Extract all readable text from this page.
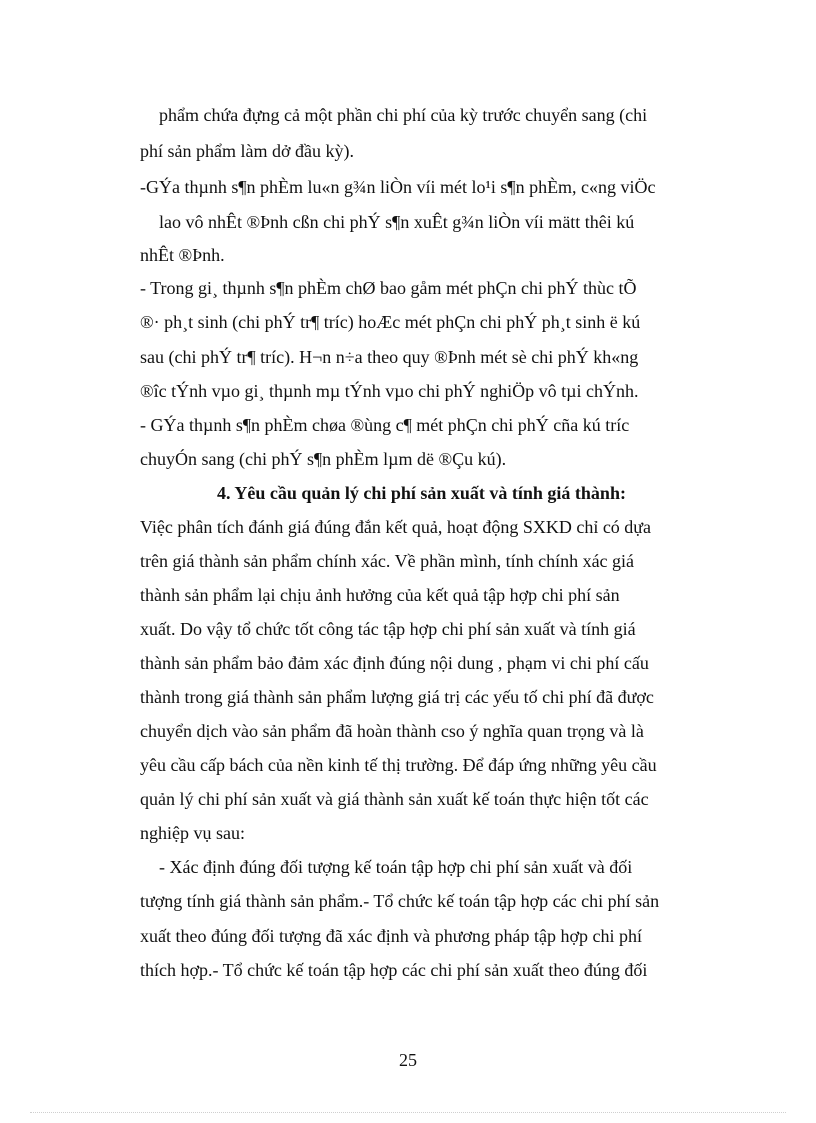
phẩm chứa đựng cả một phần chi phí của kỳ trước chuyển sang (chi
phí sản phẩm làm dở đầu kỳ).
-GÝa thµnh s¶n phÈm lu«n g¾n liÒn víi mét lo¹i s¶n phÈm, c«ng viÖc
lao vô nhÊt ®Þnh cßn chi phÝ s¶n xuÊt g¾n liÒn víi mätt thêi kú
nhÊt ®Þnh.
- Trong gi¸ thµnh s¶n phÈm chØ bao gåm mét phÇn chi phÝ thùc tÕ
®· ph¸t sinh (chi phÝ tr¶ tríc) hoÆc mét phÇn chi phÝ ph¸t sinh ë kú
sau (chi phÝ tr¶ tríc). H¬n n÷a theo quy ®Þnh mét sè chi phÝ kh«ng
®îc tÝnh vµo gi¸ thµnh mµ tÝnh vµo chi phÝ nghiÖp vô tµi chÝnh.
- GÝa thµnh s¶n phÈm chøa ®ùng c¶ mét phÇn chi phÝ cña kú tríc
chuyÓn sang (chi phÝ s¶n phÈm lµm dë ®Çu kú).
4. Yêu cầu quản lý chi phí sản xuất và tính giá thành:
Việc phân tích đánh giá đúng đắn kết quả, hoạt động SXKD chỉ có dựa
trên giá thành sản phẩm chính xác. Về phần mình, tính chính xác giá
thành sản phẩm lại chịu ảnh hưởng của kết quả tập hợp chi phí sản
xuất. Do vậy tổ chức tốt công tác tập hợp chi phí sản xuất và tính giá
thành sản phẩm bảo đảm xác định đúng nội dung , phạm vi chi phí cấu
thành trong giá thành sản phẩm lượng giá trị các yếu tố chi phí đã được
chuyển dịch vào sản phẩm đã hoàn thành cso ý nghĩa quan trọng và là
yêu cầu cấp bách của nền kinh tế thị trường. Để đáp ứng những yêu cầu
quản lý chi phí sản xuất và giá thành sản xuất kế toán thực hiện tốt các
nghiệp vụ sau:
- Xác định đúng đối tượng kế toán tập hợp chi phí sản xuất và đối
tượng tính giá thành sản phẩm.- Tổ chức kế toán tập hợp các chi phí sản
xuất theo đúng đối tượng đã xác định và phương pháp tập hợp chi phí
thích hợp.- Tổ chức kế toán tập hợp các chi phí sản xuất theo đúng đối
25
